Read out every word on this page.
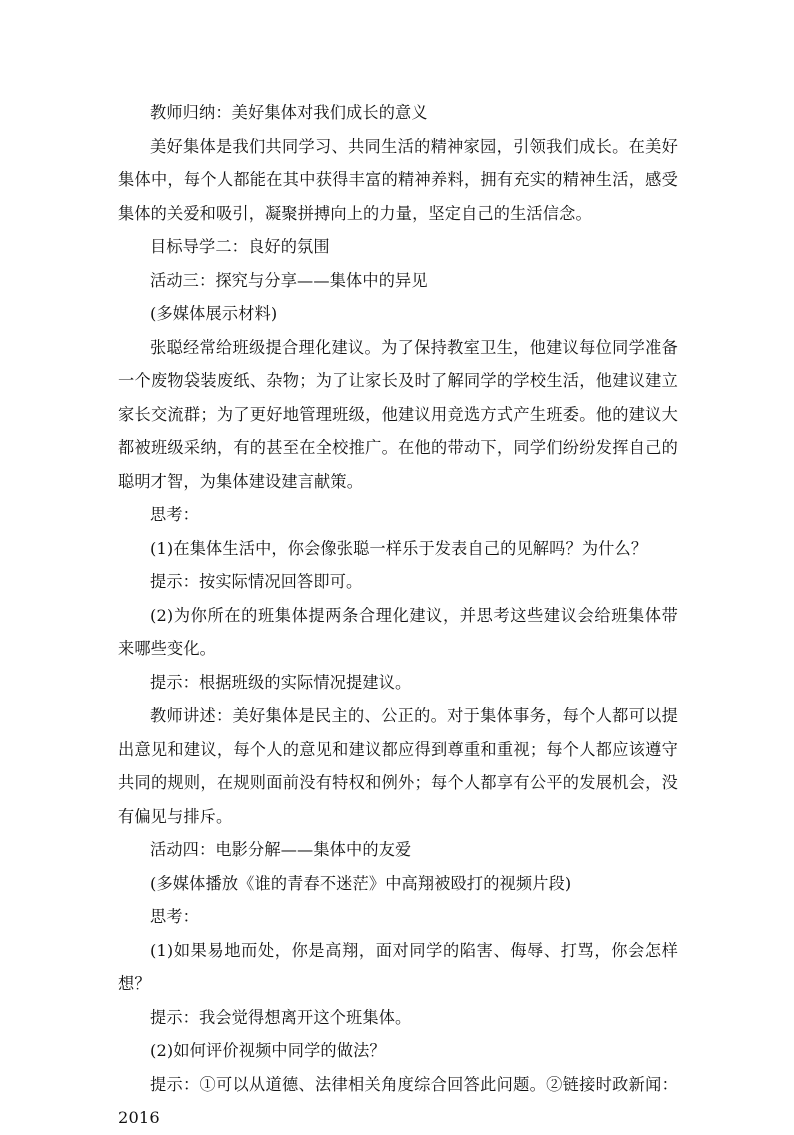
教师归纳：美好集体对我们成长的意义

美好集体是我们共同学习、共同生活的精神家园，引领我们成长。在美好集体中，每个人都能在其中获得丰富的精神养料，拥有充实的精神生活，感受集体的关爱和吸引，凝聚拼搏向上的力量，坚定自己的生活信念。

目标导学二：良好的氛围

活动三：探究与分享——集体中的异见

(多媒体展示材料)

张聪经常给班级提合理化建议。为了保持教室卫生，他建议每位同学准备一个废物袋装废纸、杂物；为了让家长及时了解同学的学校生活，他建议建立家长交流群；为了更好地管理班级，他建议用竞选方式产生班委。他的建议大都被班级采纳，有的甚至在全校推广。在他的带动下，同学们纷纷发挥自己的聪明才智，为集体建设建言献策。

思考：

(1)在集体生活中，你会像张聪一样乐于发表自己的见解吗？为什么？

提示：按实际情况回答即可。

(2)为你所在的班集体提两条合理化建议，并思考这些建议会给班集体带来哪些变化。

提示：根据班级的实际情况提建议。

教师讲述：美好集体是民主的、公正的。对于集体事务，每个人都可以提出意见和建议，每个人的意见和建议都应得到尊重和重视；每个人都应该遵守共同的规则，在规则面前没有特权和例外；每个人都享有公平的发展机会，没有偏见与排斥。

活动四：电影分解——集体中的友爱

(多媒体播放《谁的青春不迷茫》中高翔被殴打的视频片段)

思考：

(1)如果易地而处，你是高翔，面对同学的陷害、侮辱、打骂，你会怎样想？

提示：我会觉得想离开这个班集体。

(2)如何评价视频中同学的做法？

提示：①可以从道德、法律相关角度综合回答此问题。②链接时政新闻：2016
